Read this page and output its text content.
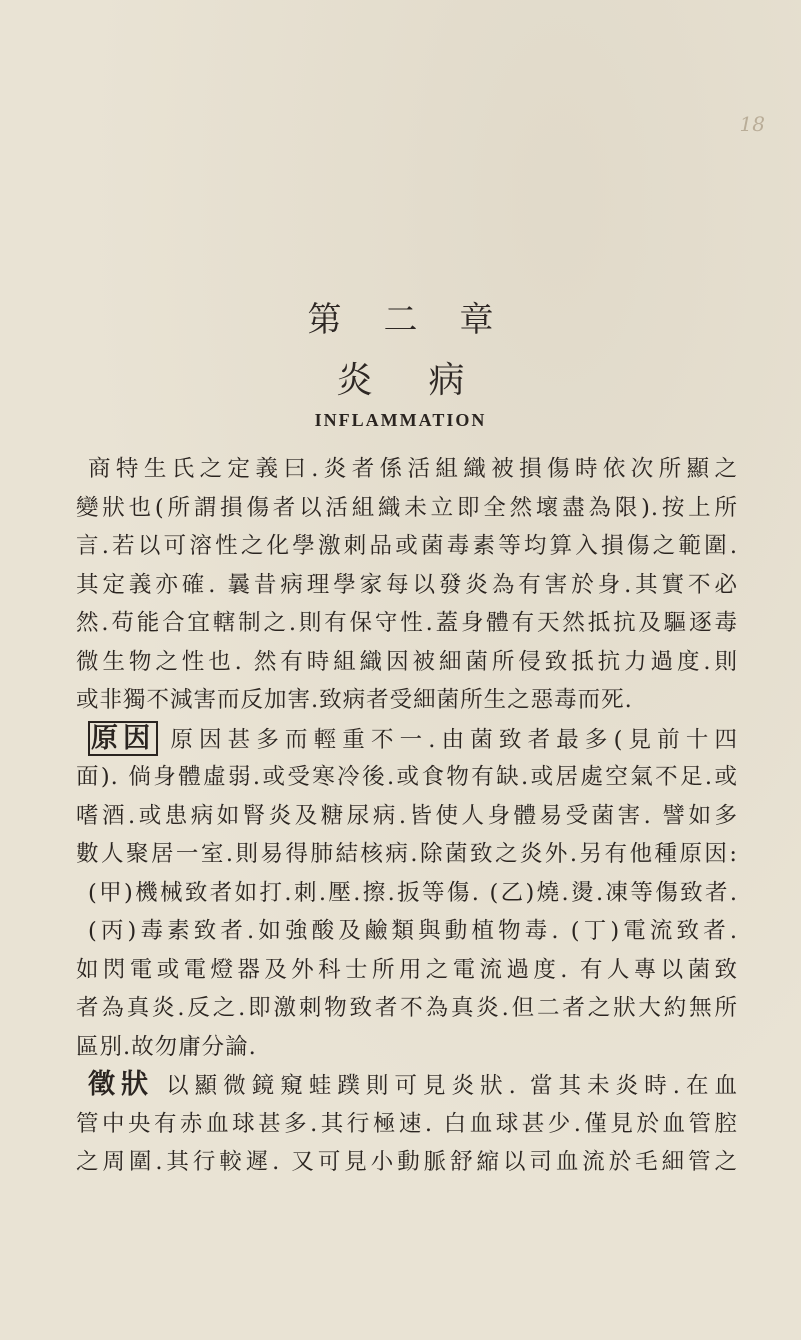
18
第二章
炎病
INFLAMMATION
商特生氏之定義曰.炎者係活組織被損傷時依次所顯之
變狀也(所謂損傷者以活組織未立即全然壞盡為限).按上所
言.若以可溶性之化學激刺品或菌毒素等均算入損傷之範圍.
其定義亦確. 曩昔病理學家每以發炎為有害於身.其實不必
然.苟能合宜轄制之.則有保守性.蓋身體有天然抵抗及驅逐毒
微生物之性也. 然有時組織因被細菌所侵致抵抗力過度.則
或非獨不減害而反加害.致病者受細菌所生之惡毒而死.
原因 原因甚多而輕重不一.由菌致者最多(見前十四
面). 倘身體虛弱.或受寒冷後.或食物有缺.或居處空氣不足.或
嗜酒.或患病如腎炎及糖尿病.皆使人身體易受菌害. 譬如多
數人聚居一室.則易得肺結核病.除菌致之炎外.另有他種原因:
(甲)機械致者如打.刺.壓.擦.扳等傷. (乙)燒.燙.凍等傷致者.
(丙)毒素致者.如強酸及鹼類與動植物毒. (丁)電流致者.
如閃電或電燈器及外科士所用之電流過度. 有人專以菌致
者為真炎.反之.即激刺物致者不為真炎.但二者之狀大約無所
區別.故勿庸分論.
徵狀 以顯微鏡窺蛙蹼則可見炎狀. 當其未炎時.在血
管中央有赤血球甚多.其行極速. 白血球甚少.僅見於血管腔
之周圍.其行較遲. 又可見小動脈舒縮以司血流於毛細管之
